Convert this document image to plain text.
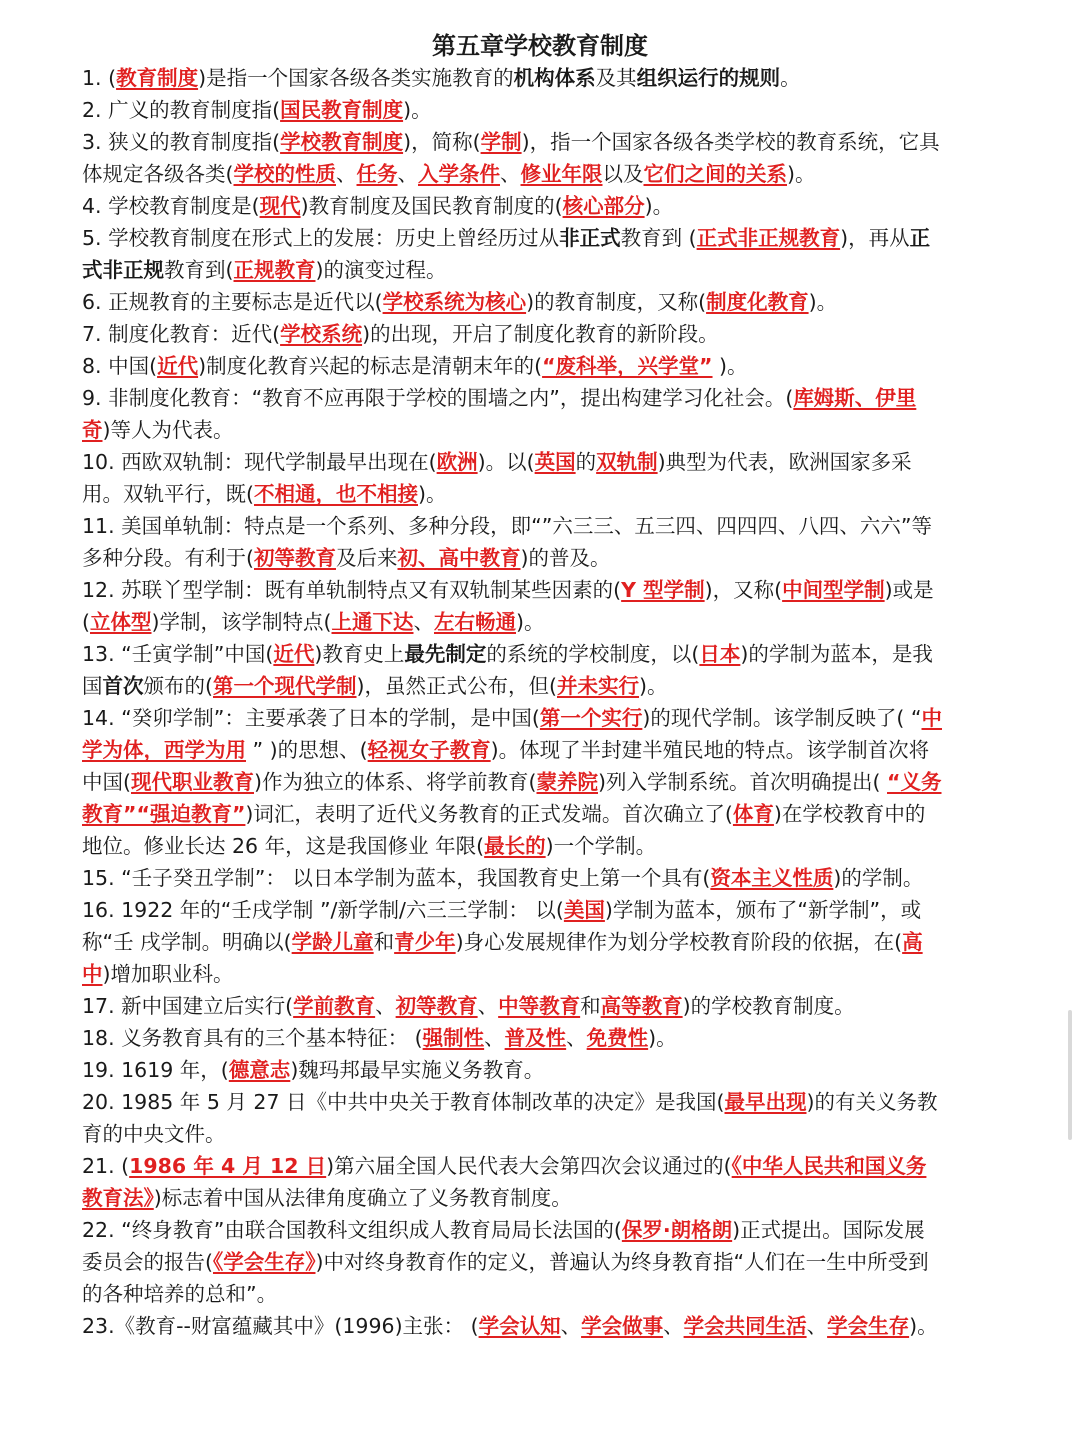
第五章学校教育制度

1. (教育制度)是指一个国家各级各类实施教育的机构体系及其组织运行的规则。

2. 广义的教育制度指(国民教育制度)。

3. 狭义的教育制度指(学校教育制度)，简称(学制)，指一个国家各级各类学校的教育系统，它具体规定各级各类(学校的性质、任务、入学条件、修业年限以及它们之间的关系)。

4. 学校教育制度是(现代)教育制度及国民教育制度的(核心部分)。

5. 学校教育制度在形式上的发展：历史上曾经历过从非正式教育到 (正式非正规教育)，再从正式非正规教育到(正规教育)的演变过程。

6. 正规教育的主要标志是近代以(学校系统为核心)的教育制度，又称(制度化教育)。

7. 制度化教育：近代(学校系统)的出现，开启了制度化教育的新阶段。

8. 中国(近代)制度化教育兴起的标志是清朝末年的(“废科举，兴学堂” )。

9. 非制度化教育：“教育不应再限于学校的围墙之内”，提出构建学习化社会。(库姆斯、伊里奇)等人为代表。

10. 西欧双轨制：现代学制最早出现在(欧洲)。以(英国的双轨制)典型为代表，欧洲国家多采用。双轨平行，既(不相通，也不相接)。

11. 美国单轨制：特点是一个系列、多种分段，即“”六三三、五三四、四四四、八四、六六”等多种分段。有利于(初等教育及后来初、高中教育)的普及。

12. 苏联丫型学制：既有单轨制特点又有双轨制某些因素的(Y 型学制)，又称(中间型学制)或是(立体型)学制，该学制特点(上通下达、左右畅通)。

13. “壬寅学制”中国(近代)教育史上最先制定的系统的学校制度，以(日本)的学制为蓝本，是我国首次颁布的(第一个现代学制)，虽然正式公布，但(并未实行)。

14. “癸卯学制”：主要承袭了日本的学制，是中国(第一个实行)的现代学制。该学制反映了( “中学为体，西学为用 ” )的思想、(轻视女子教育)。体现了半封建半殖民地的特点。该学制首次将中国(现代职业教育)作为独立的体系、将学前教育(蒙养院)列入学制系统。首次明确提出( “义务教育”“强迫教育”)词汇，表明了近代义务教育的正式发端。首次确立了(体育)在学校教育中的地位。修业长达 26 年，这是我国修业 年限(最长的)一个学制。

15. “壬子癸丑学制”： 以日本学制为蓝本，我国教育史上第一个具有(资本主义性质)的学制。

16. 1922 年的“壬戌学制 ”/新学制/六三三学制： 以(美国)学制为蓝本，颁布了“新学制”，或称“壬 戌学制。明确以(学龄儿童和青少年)身心发展规律作为划分学校教育阶段的依据，在(高中)增加职业科。

17. 新中国建立后实行(学前教育、初等教育、中等教育和高等教育)的学校教育制度。

18. 义务教育具有的三个基本特征： (强制性、普及性、免费性)。

19. 1619 年，(德意志)魏玛邦最早实施义务教育。

20. 1985 年 5 月 27 日《中共中央关于教育体制改革的决定》是我国(最早出现)的有关义务教育的中央文件。

21. (1986 年 4 月 12 日)第六届全国人民代表大会第四次会议通过的(《中华人民共和国义务教育法》)标志着中国从法律角度确立了义务教育制度。

22. “终身教育”由联合国教科文组织成人教育局局长法国的(保罗·朗格朗)正式提出。国际发展委员会的报告(《学会生存》)中对终身教育作的定义，普遍认为终身教育指“人们在一生中所受到的各种培养的总和”。

23.《教育--财富蕴藏其中》(1996)主张： (学会认知、学会做事、学会共同生活、学会生存)。
